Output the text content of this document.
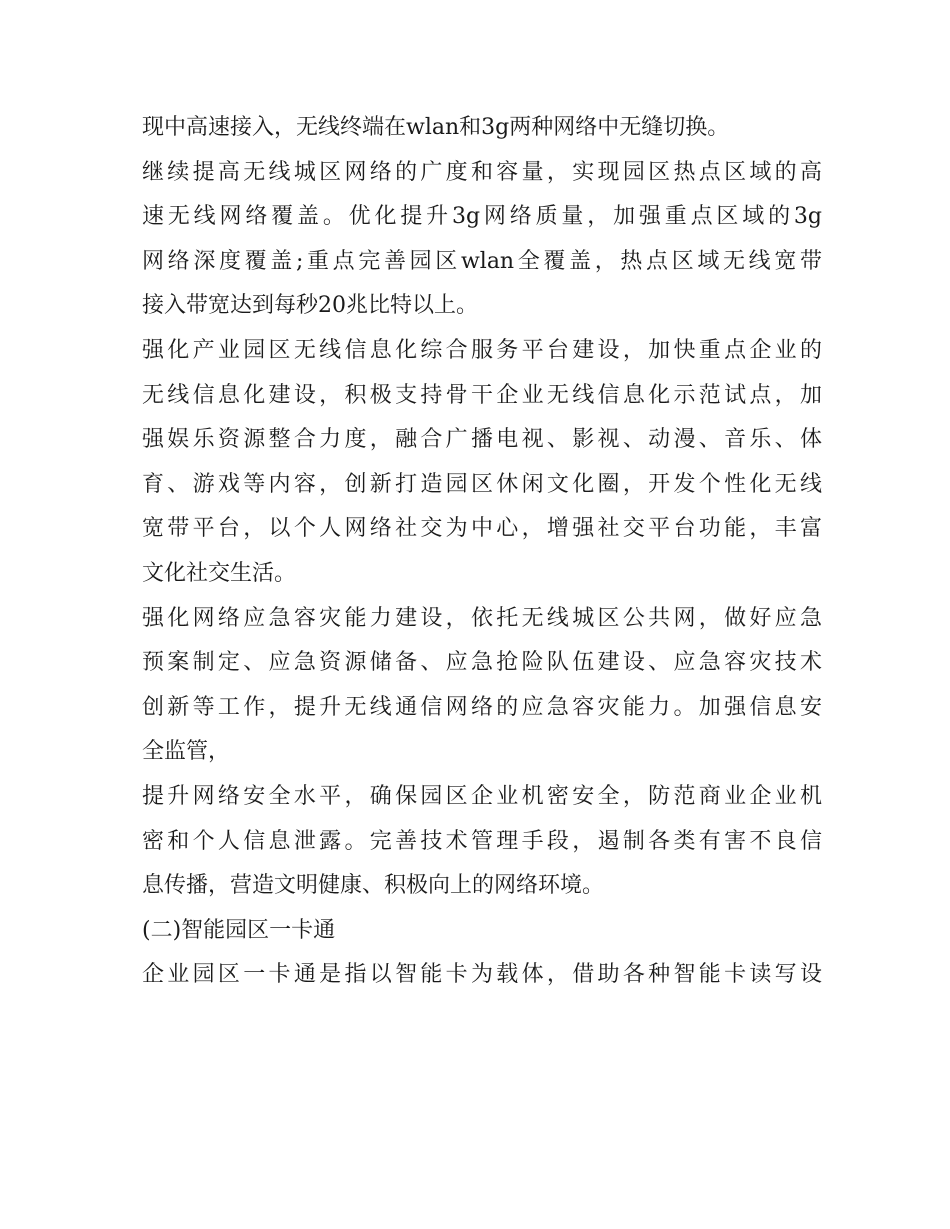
现中高速接入，无线终端在wlan和3g两种网络中无缝切换。
继续提高无线城区网络的广度和容量，实现园区热点区域的高
速无线网络覆盖。优化提升3g网络质量，加强重点区域的3g
网络深度覆盖;重点完善园区wlan全覆盖，热点区域无线宽带
接入带宽达到每秒20兆比特以上。
强化产业园区无线信息化综合服务平台建设，加快重点企业的
无线信息化建设，积极支持骨干企业无线信息化示范试点，加
强娱乐资源整合力度，融合广播电视、影视、动漫、音乐、体
育、游戏等内容，创新打造园区休闲文化圈，开发个性化无线
宽带平台，以个人网络社交为中心，增强社交平台功能，丰富
文化社交生活。
强化网络应急容灾能力建设，依托无线城区公共网，做好应急
预案制定、应急资源储备、应急抢险队伍建设、应急容灾技术
创新等工作，提升无线通信网络的应急容灾能力。加强信息安
全监管，
提升网络安全水平，确保园区企业机密安全，防范商业企业机
密和个人信息泄露。完善技术管理手段，遏制各类有害不良信
息传播，营造文明健康、积极向上的网络环境。
(二)智能园区一卡通
企业园区一卡通是指以智能卡为载体，借助各种智能卡读写设
